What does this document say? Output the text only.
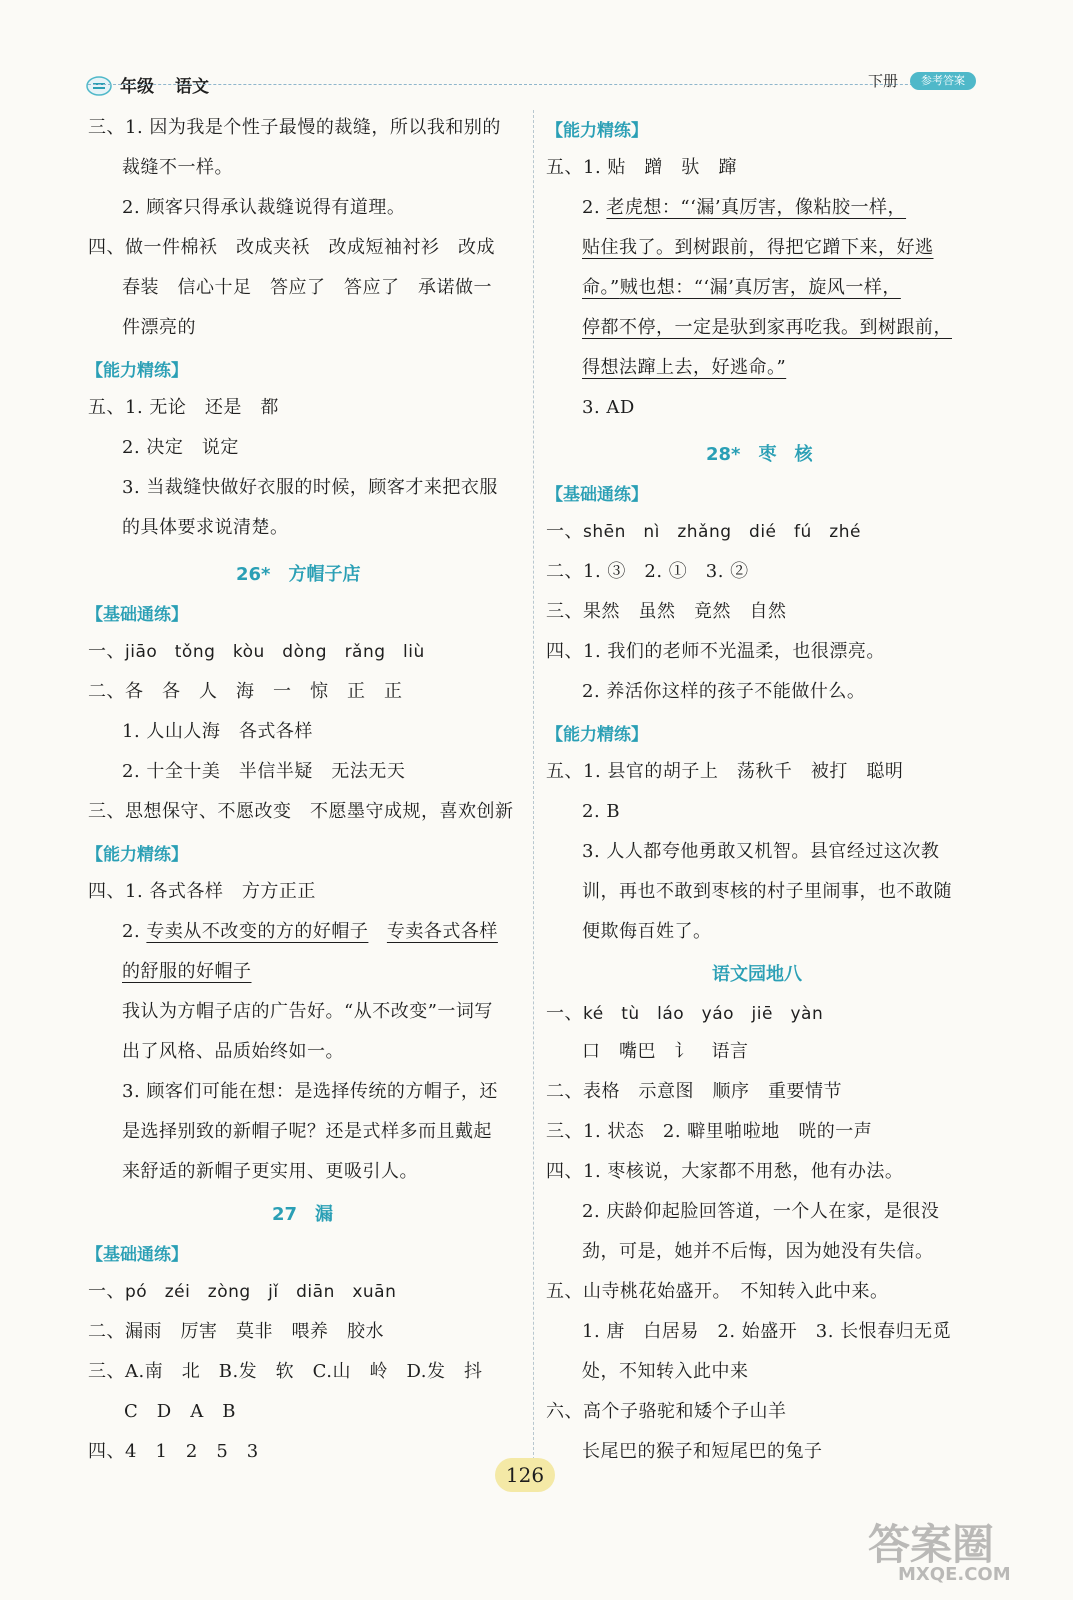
年级 语文	下册	参考答案
三、1. 因为我是个性子最慢的裁缝，所以我和别的
裁缝不一样。
2. 顾客只得承认裁缝说得有道理。
四、做一件棉袄　改成夹袄　改成短袖衬衫　改成
春装　信心十足　答应了　答应了　承诺做一
件漂亮的
【能力精练】
五、1. 无论　还是　都
2. 决定　说定
3. 当裁缝快做好衣服的时候，顾客才来把衣服
的具体要求说清楚。
26*　方帽子店
【基础通练】
一、jiāo　tǒng　kòu　dòng　rǎng　liù
二、各　各　人　海　一　惊　正　正
1. 人山人海　各式各样
2. 十全十美　半信半疑　无法无天
三、思想保守、不愿改变　不愿墨守成规，喜欢创新
【能力精练】
四、1. 各式各样　方方正正
2. 专卖从不改变的方的好帽子　 专卖各式各样
的舒服的好帽子
我认为方帽子店的广告好。“从不改变”一词写
出了风格、品质始终如一。
3. 顾客们可能在想：是选择传统的方帽子，还
是选择别致的新帽子呢？还是式样多而且戴起
来舒适的新帽子更实用、更吸引人。
27　漏
【基础通练】
一、pó　zéi　zòng　jǐ　diān　xuān
二、漏雨　厉害　莫非　喂养　胶水
三、A.南　北　B.发　软　C.山　岭　D.发　抖
C　D　A　B
四、4　1　2　5　3
【能力精练】
五、1. 贴　蹭　驮　蹿
2. 老虎想：“‘漏’真厉害，像粘胶一样，
贴住我了。到树跟前，得把它蹭下来，好逃
命。”贼也想：“‘漏’真厉害，旋风一样，
停都不停，一定是驮到家再吃我。到树跟前，
得想法蹿上去，好逃命。”
3. AD
28*　枣　核
【基础通练】
一、shēn　nì　zhǎng　dié　fú　zhé
二、1. ③　2. ①　3. ②
三、果然　虽然　竟然　自然
四、1. 我们的老师不光温柔，也很漂亮。
2. 养活你这样的孩子不能做什么。
【能力精练】
五、1. 县官的胡子上　荡秋千　被打　聪明
2. B
3. 人人都夸他勇敢又机智。县官经过这次教
训，再也不敢到枣核的村子里闹事，也不敢随
便欺侮百姓了。
语文园地八
一、ké　tù　láo　yáo　jiē　yàn
口　嘴巴　讠　语言
二、表格　示意图　顺序　重要情节
三、1. 状态　2. 噼里啪啦地　咣的一声
四、1. 枣核说，大家都不用愁，他有办法。
2. 庆龄仰起脸回答道，一个人在家，是很没
劲，可是，她并不后悔，因为她没有失信。
五、山寺桃花始盛开。　不知转入此中来。
1. 唐　白居易　2. 始盛开　3. 长恨春归无觅
处，不知转入此中来
六、高个子骆驼和矮个子山羊
长尾巴的猴子和短尾巴的兔子
126
答案圈
MXQE.COM
